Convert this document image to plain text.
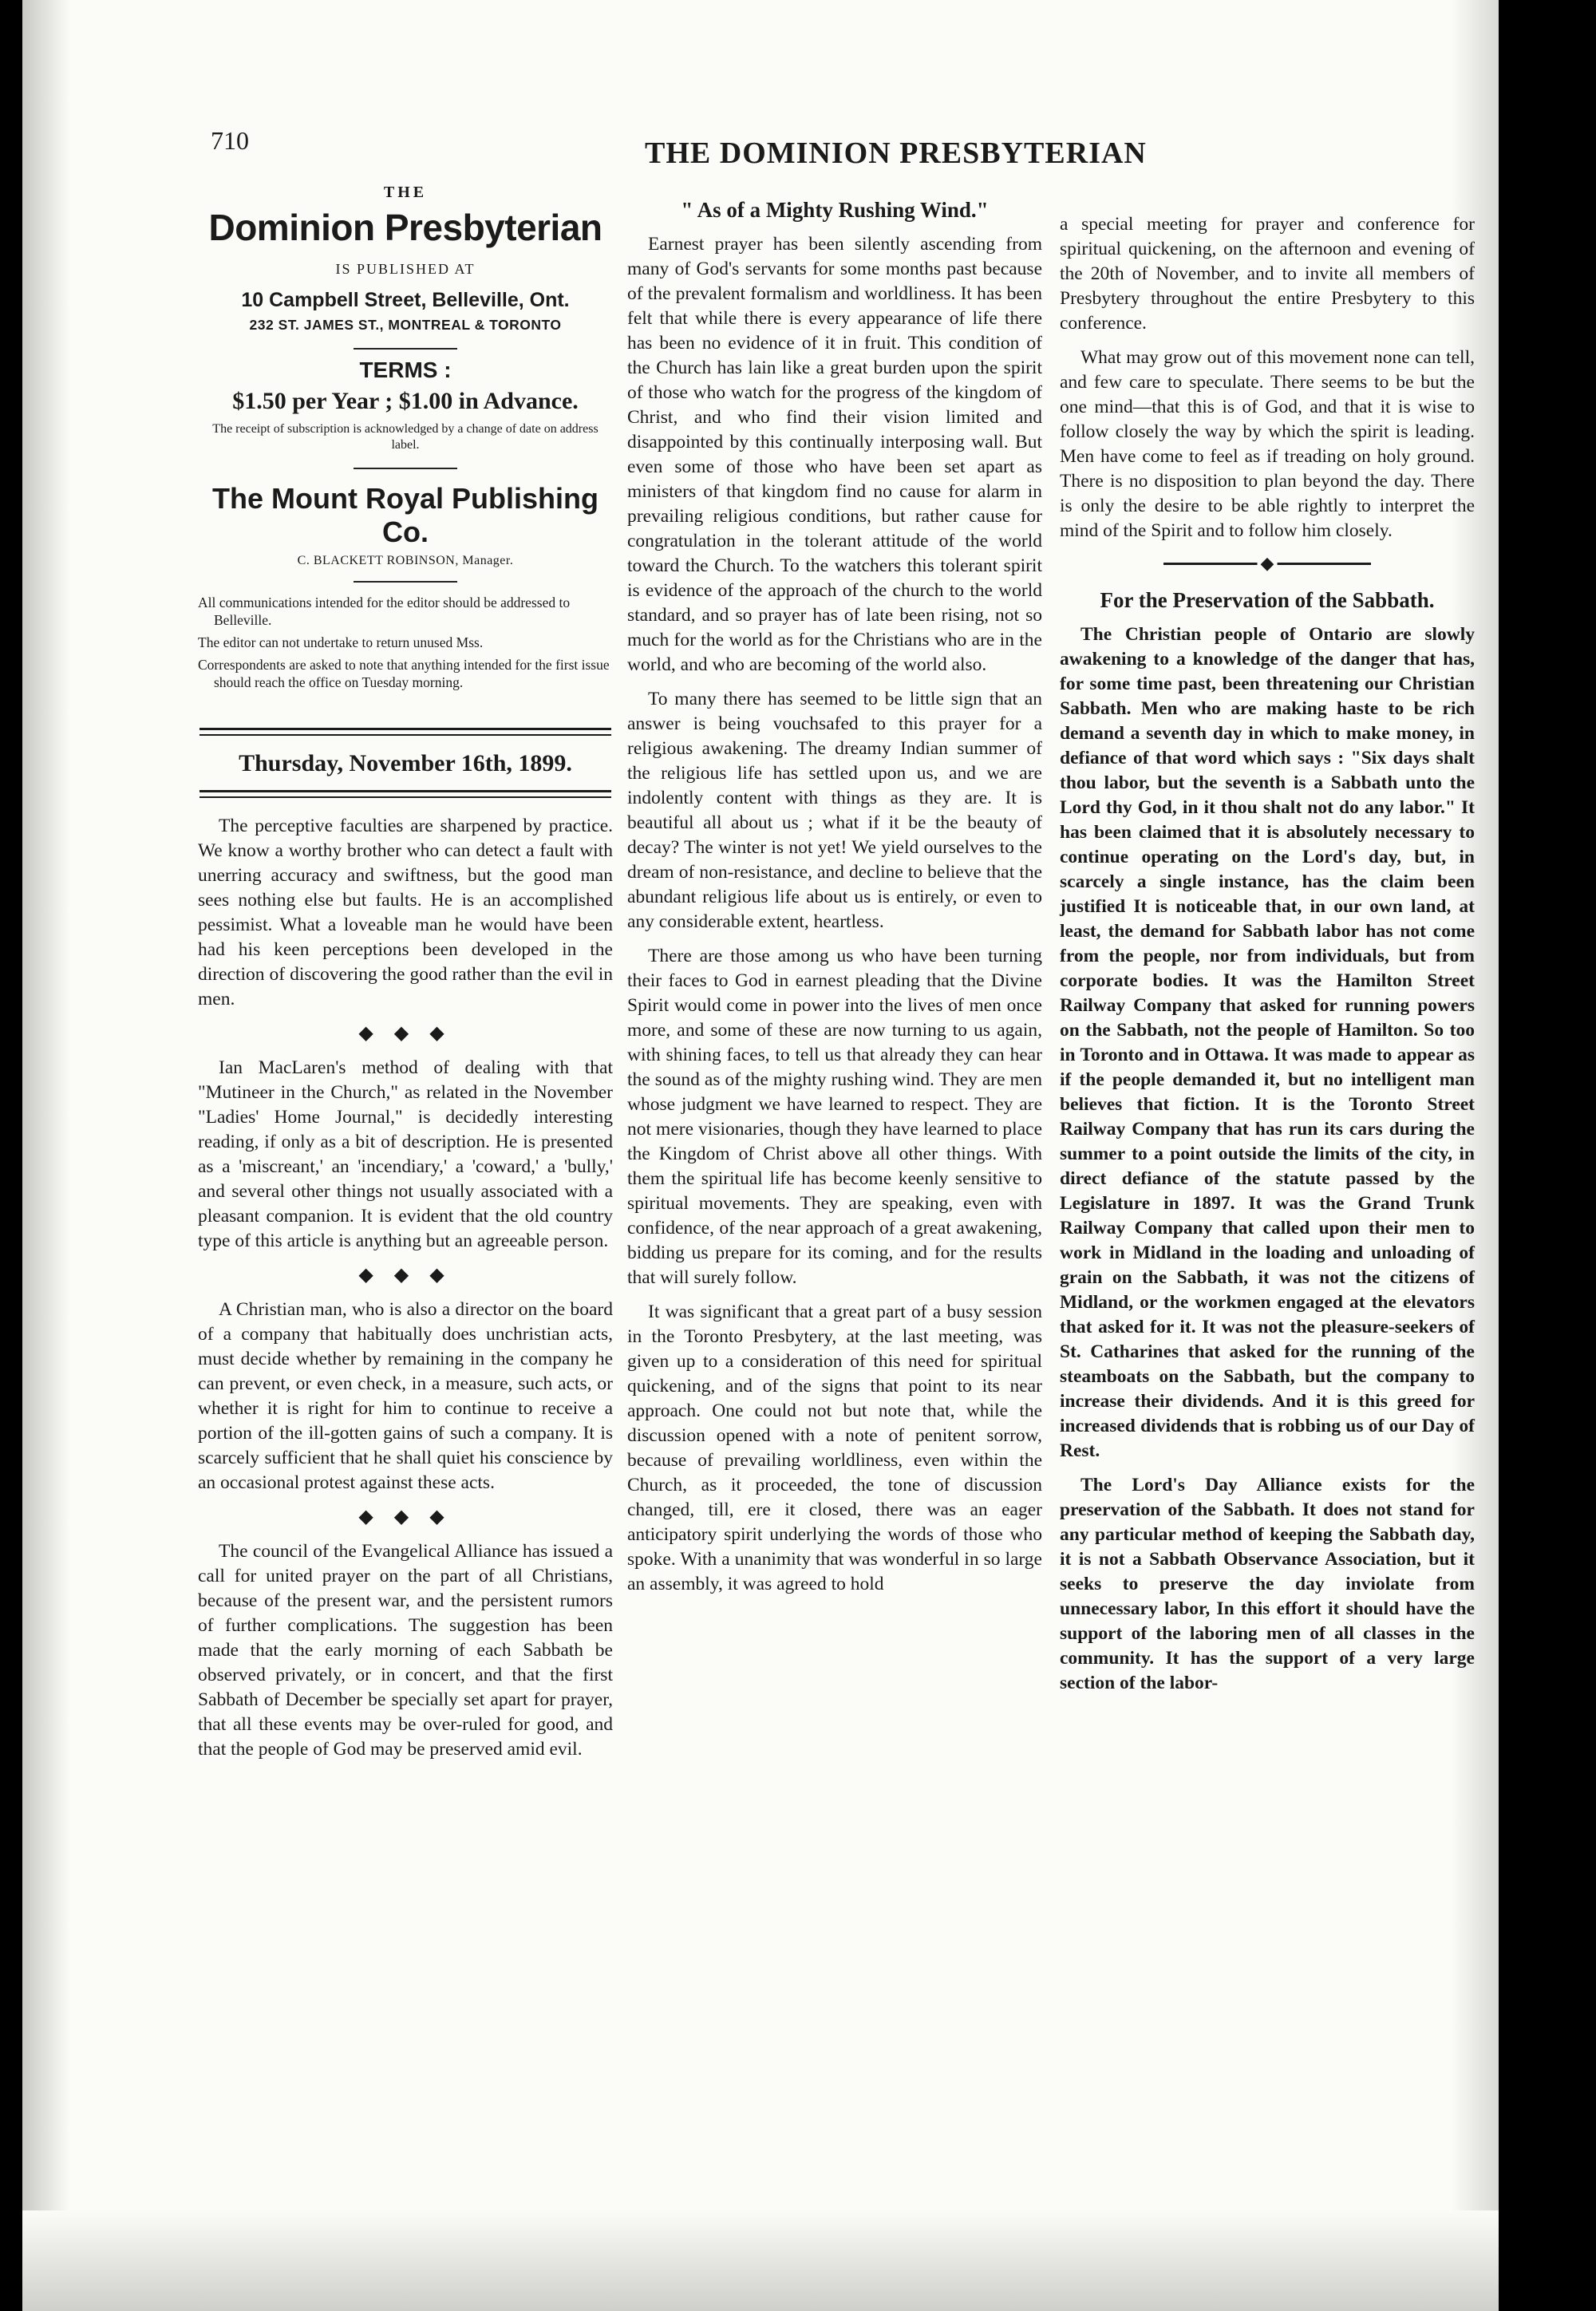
710	THE DOMINION PRESBYTERIAN
THE
Dominion Presbyterian
IS PUBLISHED AT
10 Campbell Street, Belleville, Ont.
232 ST. JAMES ST., MONTREAL & TORONTO
TERMS :
$1.50 per Year ; $1.00 in Advance.
The receipt of subscription is acknowledged by a change of date on address label.
The Mount Royal Publishing Co.
C. BLACKETT ROBINSON, Manager.

All communications intended for the editor should be addressed to Belleville.

The editor can not undertake to return unused Mss.

Correspondents are asked to note that anything intended for the first issue should reach the office on Tuesday morning.

Thursday, November 16th, 1899.

The perceptive faculties are sharpened by practice. We know a worthy brother who can detect a fault with unerring accuracy and swiftness, but the good man sees nothing else but faults. He is an accomplished pessimist. What a loveable man he would have been had his keen perceptions been developed in the direction of discovering the good rather than the evil in men.

◆ ◆ ◆

Ian MacLaren's method of dealing with that "Mutineer in the Church," as related in the November "Ladies' Home Journal," is decidedly interesting reading, if only as a bit of description. He is presented as a 'miscreant,' an 'incendiary,' a 'coward,' a 'bully,' and several other things not usually associated with a pleasant companion. It is evident that the old country type of this article is anything but an agreeable person.

◆ ◆ ◆

A Christian man, who is also a director on the board of a company that habitually does unchristian acts, must decide whether by remaining in the company he can prevent, or even check, in a measure, such acts, or whether it is right for him to continue to receive a portion of the ill-gotten gains of such a company. It is scarcely sufficient that he shall quiet his conscience by an occasional protest against these acts.

◆ ◆ ◆

The council of the Evangelical Alliance has issued a call for united prayer on the part of all Christians, because of the present war, and the persistent rumors of further complications. The suggestion has been made that the early morning of each Sabbath be observed privately, or in concert, and that the first Sabbath of December be specially set apart for prayer, that all these events may be over-ruled for good, and that the people of God may be preserved amid evil.

" As of a Mighty Rushing Wind."

Earnest prayer has been silently ascending from many of God's servants for some months past because of the prevalent formalism and worldliness. It has been felt that while there is every appearance of life there has been no evidence of it in fruit. This condition of the Church has lain like a great burden upon the spirit of those who watch for the progress of the kingdom of Christ, and who find their vision limited and disappointed by this continually interposing wall. But even some of those who have been set apart as ministers of that kingdom find no cause for alarm in prevailing religious conditions, but rather cause for congratulation in the tolerant attitude of the world toward the Church. To the watchers this tolerant spirit is evidence of the approach of the church to the world standard, and so prayer has of late been rising, not so much for the world as for the Christians who are in the world, and who are becoming of the world also.

To many there has seemed to be little sign that an answer is being vouchsafed to this prayer for a religious awakening. The dreamy Indian summer of the religious life has settled upon us, and we are indolently content with things as they are. It is beautiful all about us ; what if it be the beauty of decay? The winter is not yet! We yield ourselves to the dream of non-resistance, and decline to believe that the abundant religious life about us is entirely, or even to any considerable extent, heartless.

There are those among us who have been turning their faces to God in earnest pleading that the Divine Spirit would come in power into the lives of men once more, and some of these are now turning to us again, with shining faces, to tell us that already they can hear the sound as of the mighty rushing wind. They are men whose judgment we have learned to respect. They are not mere visionaries, though they have learned to place the Kingdom of Christ above all other things. With them the spiritual life has become keenly sensitive to spiritual movements. They are speaking, even with confidence, of the near approach of a great awakening, bidding us prepare for its coming, and for the results that will surely follow.

It was significant that a great part of a busy session in the Toronto Presbytery, at the last meeting, was given up to a consideration of this need for spiritual quickening, and of the signs that point to its near approach. One could not but note that, while the discussion opened with a note of penitent sorrow, because of prevailing worldliness, even within the Church, as it proceeded, the tone of discussion changed, till, ere it closed, there was an eager anticipatory spirit underlying the words of those who spoke. With a unanimity that was wonderful in so large an assembly, it was agreed to hold

a special meeting for prayer and conference for spiritual quickening, on the afternoon and evening of the 20th of November, and to invite all members of Presbytery throughout the entire Presbytery to this conference.

What may grow out of this movement none can tell, and few care to speculate. There seems to be but the one mind—that this is of God, and that it is wise to follow closely the way by which the spirit is leading. Men have come to feel as if treading on holy ground. There is no disposition to plan beyond the day. There is only the desire to be able rightly to interpret the mind of the Spirit and to follow him closely.

◆
For the Preservation of the Sabbath.

The Christian people of Ontario are slowly awakening to a knowledge of the danger that has, for some time past, been threatening our Christian Sabbath. Men who are making haste to be rich demand a seventh day in which to make money, in defiance of that word which says : "Six days shalt thou labor, but the seventh is a Sabbath unto the Lord thy God, in it thou shalt not do any labor." It has been claimed that it is absolutely necessary to continue operating on the Lord's day, but, in scarcely a single instance, has the claim been justified It is noticeable that, in our own land, at least, the demand for Sabbath labor has not come from the people, nor from individuals, but from corporate bodies. It was the Hamilton Street Railway Company that asked for running powers on the Sabbath, not the people of Hamilton. So too in Toronto and in Ottawa. It was made to appear as if the people demanded it, but no intelligent man believes that fiction. It is the Toronto Street Railway Company that has run its cars during the summer to a point outside the limits of the city, in direct defiance of the statute passed by the Legislature in 1897. It was the Grand Trunk Railway Company that called upon their men to work in Midland in the loading and unloading of grain on the Sabbath, it was not the citizens of Midland, or the workmen engaged at the elevators that asked for it. It was not the pleasure-seekers of St. Catharines that asked for the running of the steamboats on the Sabbath, but the company to increase their dividends. And it is this greed for increased dividends that is robbing us of our Day of Rest.

The Lord's Day Alliance exists for the preservation of the Sabbath. It does not stand for any particular method of keeping the Sabbath day, it is not a Sabbath Observance Association, but it seeks to preserve the day inviolate from unnecessary labor, In this effort it should have the support of the laboring men of all classes in the community. It has the support of a very large section of the labor-
